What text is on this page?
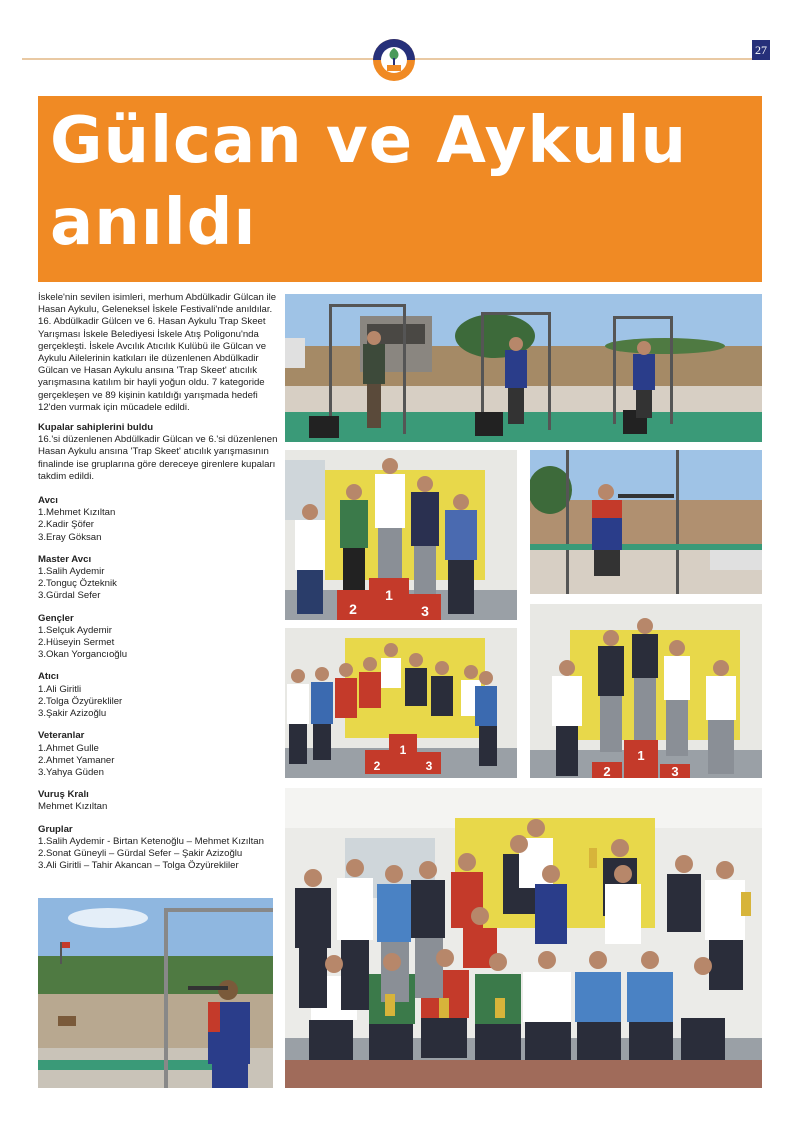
27
Gülcan ve Aykulu anıldı

İskele'nin sevilen isimleri, merhum Abdülkadir Gülcan ile Hasan Aykulu, Geleneksel İskele Festivali'nde anıldılar. 16. Abdülkadir Gülcen ve 6. Hasan Aykulu Trap Skeet Yarışması İskele Belediyesi İskele Atış Poligonu'nda gerçekleşti. İskele Avcılık Atıcılık Kulübü ile Gülcan ve Aykulu Ailelerinin katkıları ile düzenlenen Abdülkadir Gülcan ve Hasan Aykulu ansına 'Trap Skeet' atıcılık yarışmasına katılım bir hayli yoğun oldu. 7 kategoride gerçekleşen ve 89 kişinin katıldığı yarışmada hedefi 12'den vurmak için mücadele edildi.

Kupalar sahiplerini buldu

16.'si düzenlenen Abdülkadir Gülcan ve 6.'si düzenlenen Hasan Aykulu ansına 'Trap Skeet' atıcılık yarışmasının finalinde ise gruplarına göre dereceye girenlere kupaları takdim edildi.

Avcı
1.Mehmet Kızıltan
2.Kadir Şöfer
3.Eray Göksan
Master Avcı
1.Salih Aydemir
2.Tonguç Özteknik
3.Gürdal Sefer
Gençler
1.Selçuk Aydemir
2.Hüseyin Sermet
3.Okan Yorgancıoğlu
Atıcı
1.Ali Giritli
2.Tolga Özyürekliler
3.Şakir Azizoğlu
Veteranlar
1.Ahmet Gulle
2.Ahmet Yamaner
3.Yahya Güden
Vuruş Kralı
Mehmet Kızıltan
Gruplar
1.Salih Aydemir - Birtan Ketenoğlu – Mehmet Kızıltan
2.Sonat Güneyli – Gürdal Sefer – Şakir Azizoğlu
3.Ali Giritli – Tahir Akancan – Tolga Özyürekliler
2
1
3
2
1
3	2
1
3
